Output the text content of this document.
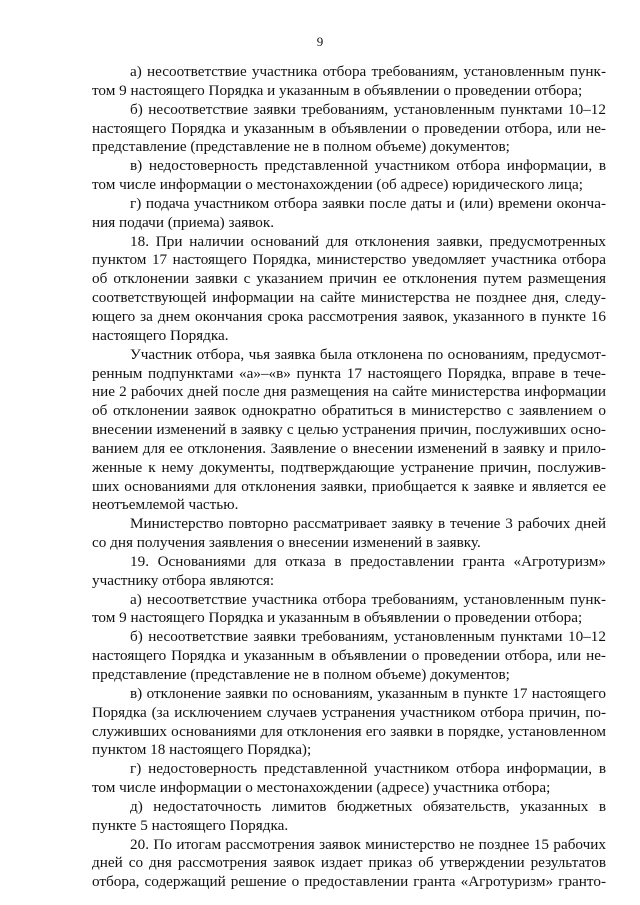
9
а) несоответствие участника отбора требованиям, установленным пунк-
том 9 настоящего Порядка и указанным в объявлении о проведении отбора;
б) несоответствие заявки требованиям, установленным пунктами 10–12
настоящего Порядка и указанным в объявлении о проведении отбора, или не-
представление (представление не в полном объеме) документов;
в) недостоверность представленной участником отбора информации, в
том числе информации о местонахождении (об адресе) юридического лица;
г) подача участником отбора заявки после даты и (или) времени оконча-
ния подачи (приема) заявок.
18. При наличии оснований для отклонения заявки, предусмотренных
пунктом 17 настоящего Порядка, министерство уведомляет участника отбора
об отклонении заявки с указанием причин ее отклонения путем размещения
соответствующей информации на сайте министерства не позднее дня, следу-
ющего за днем окончания срока рассмотрения заявок, указанного в пункте 16
настоящего Порядка.
Участник отбора, чья заявка была отклонена по основаниям, предусмот-
ренным подпунктами «а»–«в» пункта 17 настоящего Порядка, вправе в тече-
ние 2 рабочих дней после дня размещения на сайте министерства информации
об отклонении заявок однократно обратиться в министерство с заявлением о
внесении изменений в заявку с целью устранения причин, послуживших осно-
ванием для ее отклонения. Заявление о внесении изменений в заявку и прило-
женные к нему документы, подтверждающие устранение причин, послужив-
ших основаниями для отклонения заявки, приобщается к заявке и является ее
неотъемлемой частью.
Министерство повторно рассматривает заявку в течение 3 рабочих дней
со дня получения заявления о внесении изменений в заявку.
19. Основаниями для отказа в предоставлении гранта «Агротуризм»
участнику отбора являются:
а) несоответствие участника отбора требованиям, установленным пунк-
том 9 настоящего Порядка и указанным в объявлении о проведении отбора;
б) несоответствие заявки требованиям, установленным пунктами 10–12
настоящего Порядка и указанным в объявлении о проведении отбора, или не-
представление (представление не в полном объеме) документов;
в) отклонение заявки по основаниям, указанным в пункте 17 настоящего
Порядка (за исключением случаев устранения участником отбора причин, по-
служивших основаниями для отклонения его заявки в порядке, установленном
пунктом 18 настоящего Порядка);
г) недостоверность представленной участником отбора информации, в
том числе информации о местонахождении (адресе) участника отбора;
д) недостаточность лимитов бюджетных обязательств, указанных в
пункте 5 настоящего Порядка.
20. По итогам рассмотрения заявок министерство не позднее 15 рабочих
дней со дня рассмотрения заявок издает приказ об утверждении результатов
отбора, содержащий решение о предоставлении гранта «Агротуризм» гранто-
